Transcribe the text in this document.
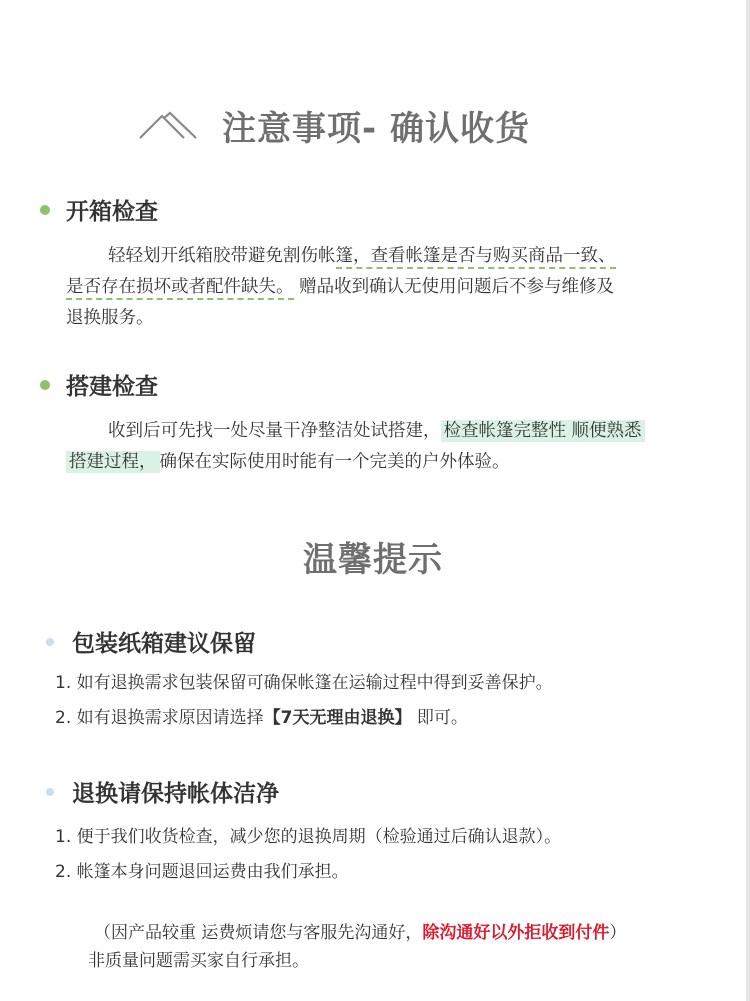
注意事项- 确认收货
开箱检查
轻轻划开纸箱胶带避免割伤帐篷，查看帐篷是否与购买商品一致、
是否存在损坏或者配件缺失。 赠品收到确认无使用问题后不参与维修及
退换服务。
搭建检查
收到后可先找一处尽量干净整洁处试搭建， 检查帐篷完整性 顺便熟悉
搭建过程， 确保在实际使用时能有一个完美的户外体验。
温馨提示
包装纸箱建议保留
1. 如有退换需求包装保留可确保帐篷在运输过程中得到妥善保护。
2. 如有退换需求原因请选择【7天无理由退换】 即可。
退换请保持帐体洁净
1. 便于我们收货检查，减少您的退换周期（检验通过后确认退款）。
2. 帐篷本身问题退回运费由我们承担。
（因产品较重 运费烦请您与客服先沟通好，除沟通好以外拒收到付件）
非质量问题需买家自行承担。
